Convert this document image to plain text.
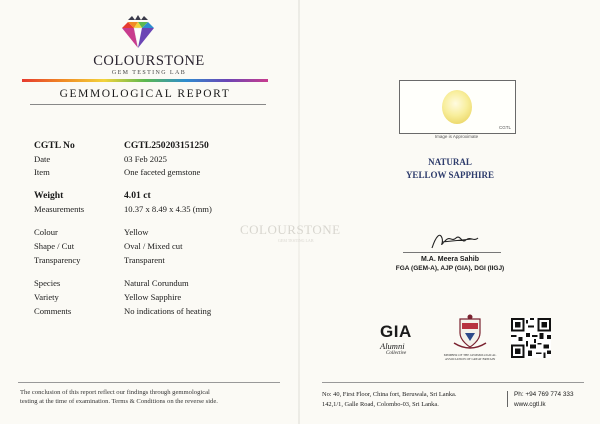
COLOURSTONE
GEM TESTING LAB
GEMMOLOGICAL REPORT
CGTL No	CGTL250203151250
Date	03 Feb 2025
Item	One faceted gemstone
Weight	4.01 ct
Measurements	10.37 x 8.49 x 4.35 (mm)
Colour	Yellow
Shape / Cut	Oval / Mixed cut
Transparency	Transparent
Species	Natural Corundum
Variety	Yellow Sapphire
Comments	No indications of heating
The conclusion of this report reflect our findings through gemmological
testing at the time of examination. Terms & Conditions on the reverse side.
COLOURSTONE
GEM TESTING LAB
CGTL
Image is Approximate
NATURAL
YELLOW SAPPHIRE
M.A. Meera Sahib
FGA (GEM-A), AJP (GIA), DGI (IIGJ)
GIA
Alumni
Collective	MEMBER OF THE GEMMOLOGICAL
ASSOCIATION OF GREAT BRITAIN
No: 40, First Floor, China fort, Beruwala, Sri Lanka.
142,1/1, Galle Road, Colombo-03, Sri Lanka.
Ph: +94 769 774 333
www.cgtl.lk
